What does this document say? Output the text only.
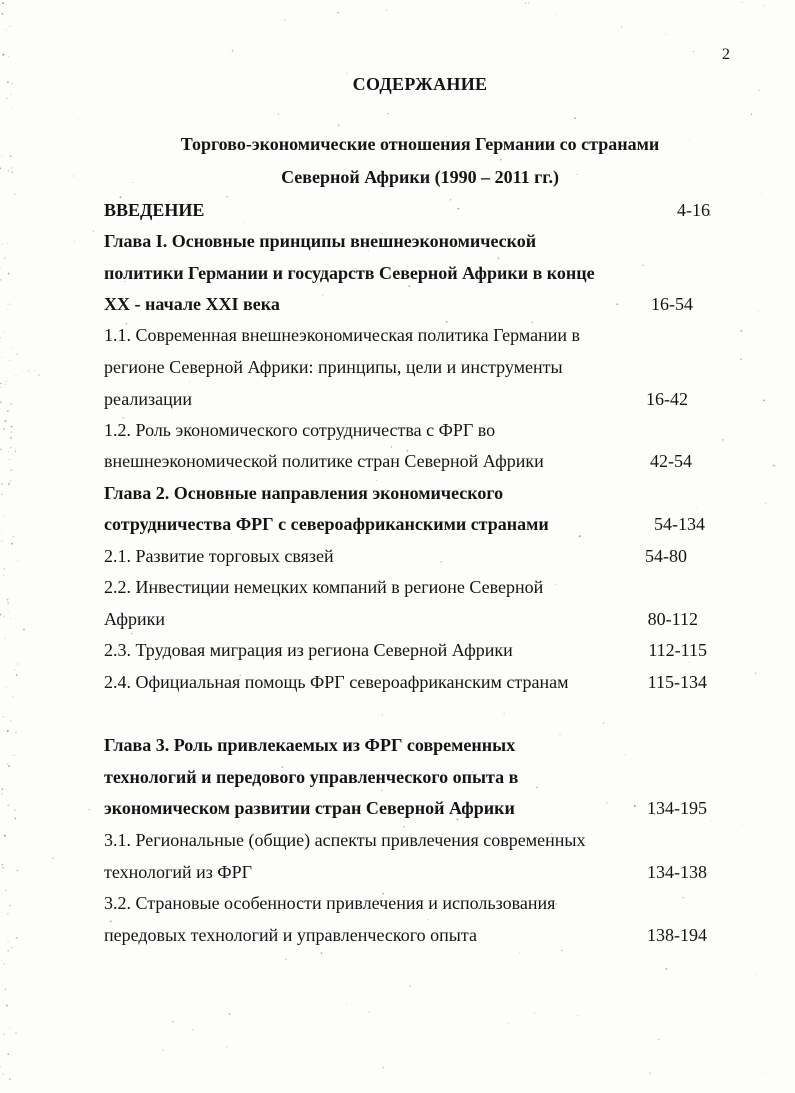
2
СОДЕРЖАНИЕ
Торгово-экономические отношения Германии со странами
Северной Африки (1990 – 2011 гг.)
ВВЕДЕНИЕ	4-16
Глава I. Основные принципы внешнеэкономической
политики Германии и государств Северной Африки в конце
XX - начале XXI века	16-54
1.1. Современная внешнеэкономическая политика Германии в
регионе Северной Африки: принципы, цели и инструменты
реализации	16-42
1.2. Роль экономического сотрудничества с ФРГ во
внешнеэкономической политике стран Северной Африки	42-54
Глава 2. Основные направления экономического
сотрудничества ФРГ с североафриканскими странами	54-134
2.1. Развитие торговых связей	54-80
2.2. Инвестиции немецких компаний в регионе Северной
Африки	80-112
2.3. Трудовая миграция из региона Северной Африки	112-115
2.4. Официальная помощь ФРГ североафриканским странам	115-134
Глава 3. Роль привлекаемых из ФРГ современных
технологий и передового управленческого опыта в
экономическом развитии стран Северной Африки	134-195
3.1. Региональные (общие) аспекты привлечения современных
технологий из ФРГ	134-138
3.2. Страновые особенности привлечения и использования
передовых технологий и управленческого опыта	138-194
